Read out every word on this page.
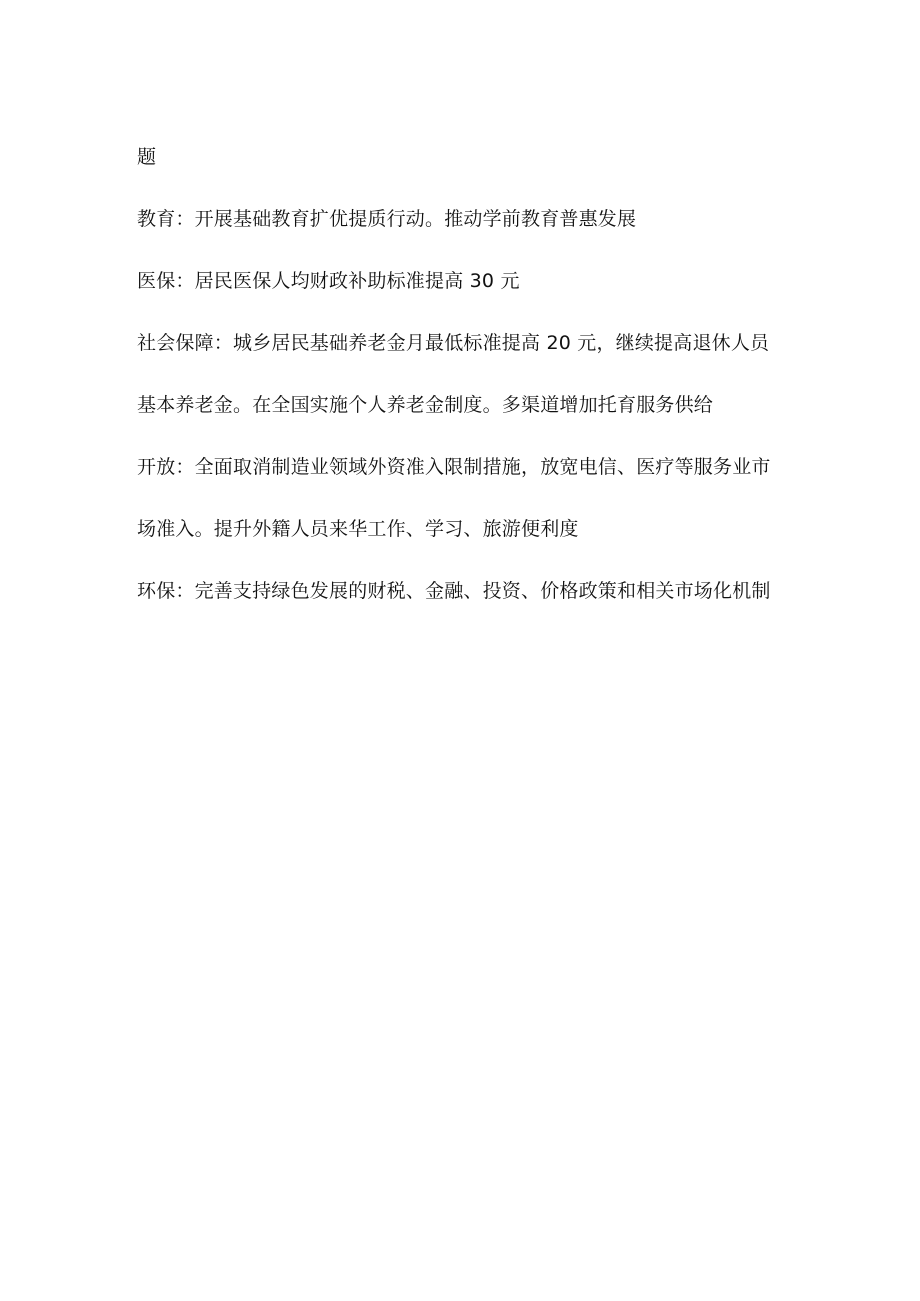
题

教育：开展基础教育扩优提质行动。推动学前教育普惠发展

医保：居民医保人均财政补助标准提高 30 元

社会保障：城乡居民基础养老金月最低标准提高 20 元，继续提高退休人员基本养老金。在全国实施个人养老金制度。多渠道增加托育服务供给

开放：全面取消制造业领域外资准入限制措施，放宽电信、医疗等服务业市场准入。提升外籍人员来华工作、学习、旅游便利度

环保：完善支持绿色发展的财税、金融、投资、价格政策和相关市场化机制
